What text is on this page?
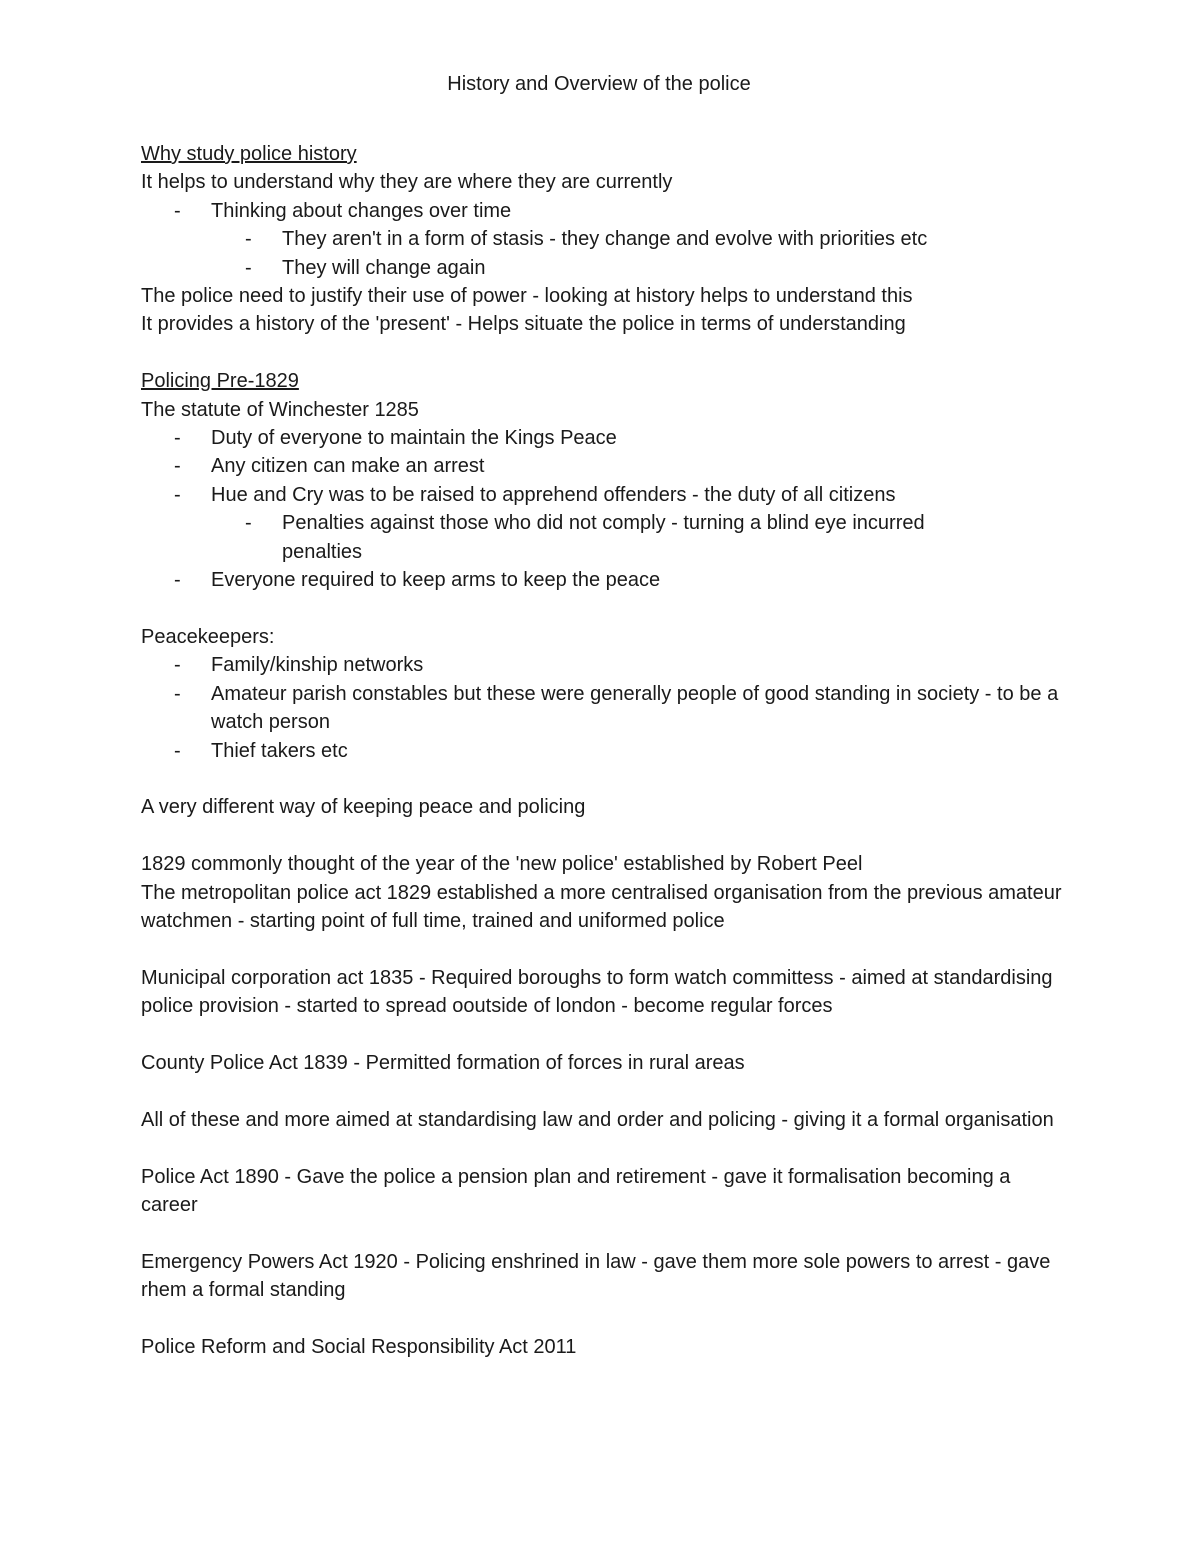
History and Overview of the police

Why study police history

It helps to understand why they are where they are currently

- Thinking about changes over time

- They aren't in a form of stasis - they change and evolve with priorities etc

- They will change again

The police need to justify their use of power - looking at history helps to understand this

It provides a history of the 'present' - Helps situate the police in terms of understanding

Policing Pre-1829

The statute of Winchester 1285

- Duty of everyone to maintain the Kings Peace

- Any citizen can make an arrest

- Hue and Cry was to be raised to apprehend offenders - the duty of all citizens

- Penalties against those who did not comply - turning a blind eye incurred penalties

- Everyone required to keep arms to keep the peace

Peacekeepers:

- Family/kinship networks

- Amateur parish constables but these were generally people of good standing in society - to be a watch person

- Thief takers etc

A very different way of keeping peace and policing

1829 commonly thought of the year of the 'new police' established by Robert Peel

The metropolitan police act 1829 established a more centralised organisation from the previous amateur watchmen - starting point of full time, trained and uniformed police

Municipal corporation act 1835 - Required boroughs to form watch committess - aimed at standardising police provision - started to spread ooutside of london - become regular forces

County Police Act 1839 - Permitted formation of forces in rural areas

All of these and more aimed at standardising law and order and policing - giving it a formal organisation

Police Act 1890 - Gave the police a pension plan and retirement - gave it formalisation becoming a career

Emergency Powers Act 1920 - Policing enshrined in law - gave them more sole powers to arrest - gave rhem a formal standing

Police Reform and Social Responsibility Act 2011
